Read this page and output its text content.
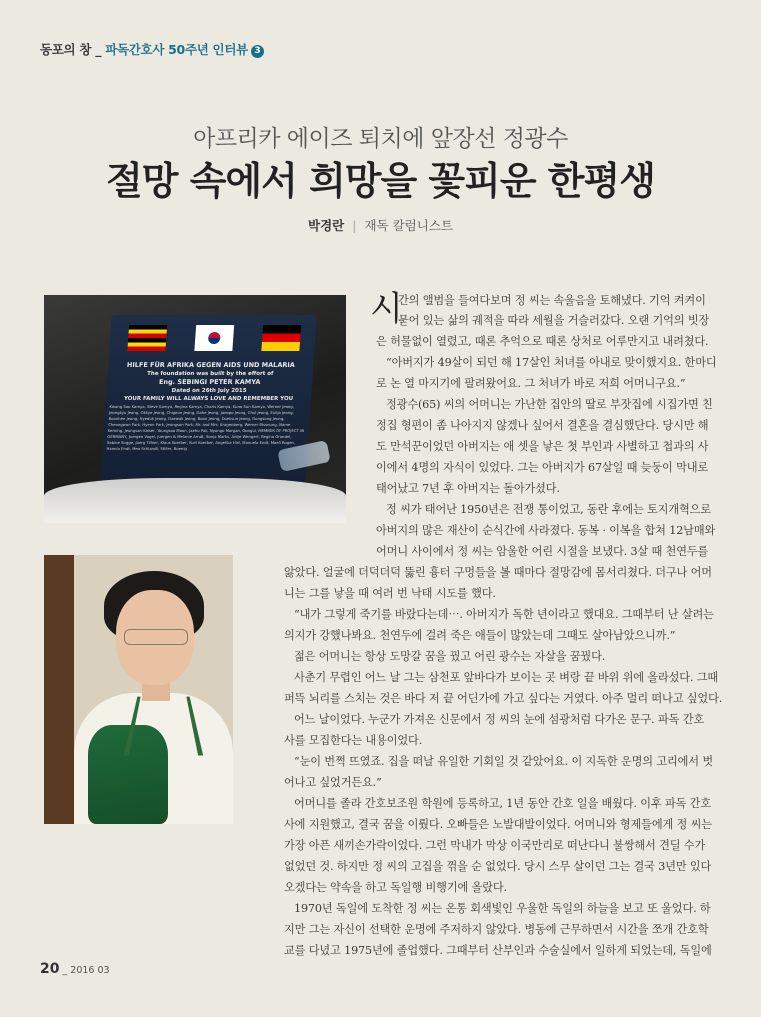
동포의 창 _ 파독간호사 50주년 인터뷰 3
아프리카 에이즈 퇴치에 앞장선 정광수
절망 속에서 희망을 꽃피운 한평생
박경란 | 재독 칼럼니스트
HILFE FÜR AFRIKA GEGEN AIDS UND MALARIA
The foundation was built by the effort of
Eng. SEBINGI PETER KAMYA
Dated on 26th July 2015
YOUR FAMILY WILL ALWAYS LOVE AND REMEMBER YOU
Kwang Soo Kamya, Steve Kamya, Regina Kamya, Charis Kamya, Kuno Sun Kamya, Werner Jeong, Jeongkyu Jeong, Okkye Jeong, Chigeun Jeong, Dahe Jeong, Jaeopo Jeong, Chul Jeong, Eulija Jeong, Boonhee Jeong, Hyeduk Jeong, Daewak Jeong, Boon Jeong, Doeksun Jeong, Dongsong Jeong, Cheongwon Park, Hyeon Park, Jeongson Park, Mr. and Mrs. Kragenberg, Werner Bissnung, Name Kerning, Jeongsan Kaiser, Youngsoo Moon, Jaeho Pak, Nyongo Morgan, Gongui, MEMBER OF PROJECT IN GERMANY, Juergen Vogel, Juergen & Melanie Arndt, Sonja Marks, Antje Wengert, Regina Grandel, Sabine Sugge, Joerg Tillner, Klaus Koerber, Kurt Koerber, Angelika Hirt, Manuela Endt, Moeli Rogen, Hannia Endt, Mea Schlandt, Stiller, Boenig
시
간의 앨범을 들여다보며 정 씨는 속울음을 토해냈다. 기억 켜켜이
묻어 있는 삶의 궤적을 따라 세월을 거슬러갔다. 오랜 기억의 빗장
은 허물없이 열렸고, 때론 추억으로 때론 상처로 어루만지고 내려쳤다.
“아버지가 49살이 되던 해 17살인 처녀를 아내로 맞이했지요. 한마디
로 논 열 마지기에 팔려왔어요. 그 처녀가 바로 저희 어머니구요.”
정광수(65) 씨의 어머니는 가난한 집안의 딸로 부잣집에 시집가면 친
정집 형편이 좀 나아지지 않겠나 싶어서 결혼을 결심했단다. 당시만 해
도 만석꾼이었던 아버지는 애 셋을 낳은 첫 부인과 사별하고 첩과의 사
이에서 4명의 자식이 있었다. 그는 아버지가 67살일 때 늦둥이 막내로
태어났고 7년 후 아버지는 돌아가셨다.
정 씨가 태어난 1950년은 전쟁 통이었고, 동란 후에는 토지개혁으로
아버지의 많은 재산이 순식간에 사라졌다. 동복 · 이복을 합쳐 12남매와
어머니 사이에서 정 씨는 암울한 어린 시절을 보냈다. 3살 때 천연두를
앓았다. 얼굴에 더덕더덕 뚫린 흉터 구멍들을 볼 때마다 절망감에 몸서리쳤다. 더구나 어머
니는 그를 낳을 때 여러 번 낙태 시도를 했다.
“내가 그렇게 죽기를 바랐다는데⋯. 아버지가 독한 년이라고 했대요. 그때부터 난 살려는
의지가 강했나봐요. 천연두에 걸려 죽은 애들이 많았는데 그때도 살아남았으니까.”
젊은 어머니는 항상 도망갈 꿈을 꿨고 어린 광수는 자살을 꿈꿨다.
사춘기 무렵인 어느 날 그는 삼천포 앞바다가 보이는 곳 벼랑 끝 바위 위에 올라섰다. 그때
퍼뜩 뇌리를 스치는 것은 바다 저 끝 어딘가에 가고 싶다는 거였다. 아주 멀리 떠나고 싶었다.
어느 날이었다. 누군가 가져온 신문에서 정 씨의 눈에 섬광처럼 다가온 문구. 파독 간호
사를 모집한다는 내용이었다.
“눈이 번쩍 뜨였죠. 집을 떠날 유일한 기회일 것 같았어요. 이 지독한 운명의 고리에서 벗
어나고 싶었거든요.”
어머니를 졸라 간호보조원 학원에 등록하고, 1년 동안 간호 일을 배웠다. 이후 파독 간호
사에 지원했고, 결국 꿈을 이뤘다. 오빠들은 노발대발이었다. 어머니와 형제들에게 정 씨는
가장 아픈 새끼손가락이었다. 그런 막내가 막상 이국만리로 떠난다니 불쌍해서 견딜 수가
없었던 것. 하지만 정 씨의 고집을 꺾을 순 없었다. 당시 스무 살이던 그는 결국 3년만 있다
오겠다는 약속을 하고 독일행 비행기에 올랐다.
1970년 독일에 도착한 정 씨는 온통 회색빛인 우울한 독일의 하늘을 보고 또 울었다. 하
지만 그는 자신이 선택한 운명에 주저하지 않았다. 병동에 근무하면서 시간을 쪼개 간호학
교를 다녔고 1975년에 졸업했다. 그때부터 산부인과 수술실에서 일하게 되었는데, 독일에
20 _ 2016 03
